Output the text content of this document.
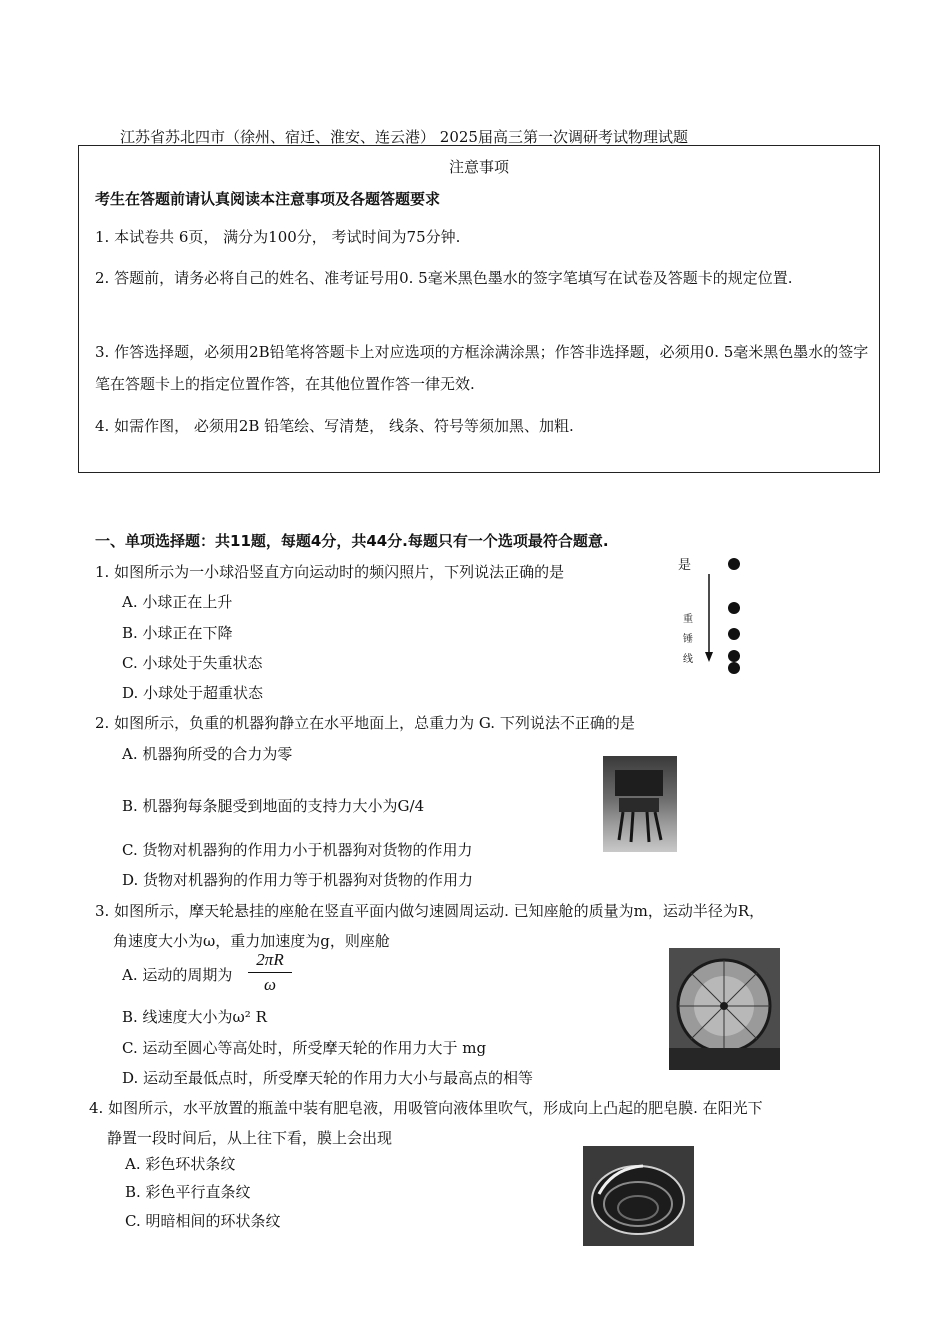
江苏省苏北四市（徐州、宿迁、淮安、连云港） 2025届高三第一次调研考试物理试题
注意事项
考生在答题前请认真阅读本注意事项及各题答题要求
1. 本试卷共 6页， 满分为100分， 考试时间为75分钟.
2. 答题前，请务必将自己的姓名、准考证号用0. 5毫米黑色墨水的签字笔填写在试卷及答题卡的规定位置.
3. 作答选择题，必须用2B铅笔将答题卡上对应选项的方框涂满涂黑；作答非选择题，必须用0. 5毫米黑色墨水的签字笔在答题卡上的指定位置作答，在其他位置作答一律无效.
4. 如需作图， 必须用2B 铅笔绘、写清楚， 线条、符号等须加黑、加粗.
一、单项选择题：共11题，每题4分，共44分.每题只有一个选项最符合题意.
1. 如图所示为一小球沿竖直方向运动时的频闪照片，下列说法正确的是
A. 小球正在上升
B. 小球正在下降
C. 小球处于失重状态
D. 小球处于超重状态
是
重
锤
线
2. 如图所示，负重的机器狗静立在水平地面上，总重力为 G. 下列说法不正确的是
A. 机器狗所受的合力为零
B. 机器狗每条腿受到地面的支持力大小为G/4
C. 货物对机器狗的作用力小于机器狗对货物的作用力
D. 货物对机器狗的作用力等于机器狗对货物的作用力
3. 如图所示，摩天轮悬挂的座舱在竖直平面内做匀速圆周运动. 已知座舱的质量为m，运动半径为R，
角速度大小为ω，重力加速度为g，则座舱
A. 运动的周期为 $\frac{2\pi R}{\omega}$
B. 线速度大小为ω² R
C. 运动至圆心等高处时，所受摩天轮的作用力大于 mg
D. 运动至最低点时，所受摩天轮的作用力大小与最高点的相等
4. 如图所示，水平放置的瓶盖中装有肥皂液，用吸管向液体里吹气，形成向上凸起的肥皂膜. 在阳光下
静置一段时间后，从上往下看，膜上会出现
A. 彩色环状条纹
B. 彩色平行直条纹
C. 明暗相间的环状条纹
